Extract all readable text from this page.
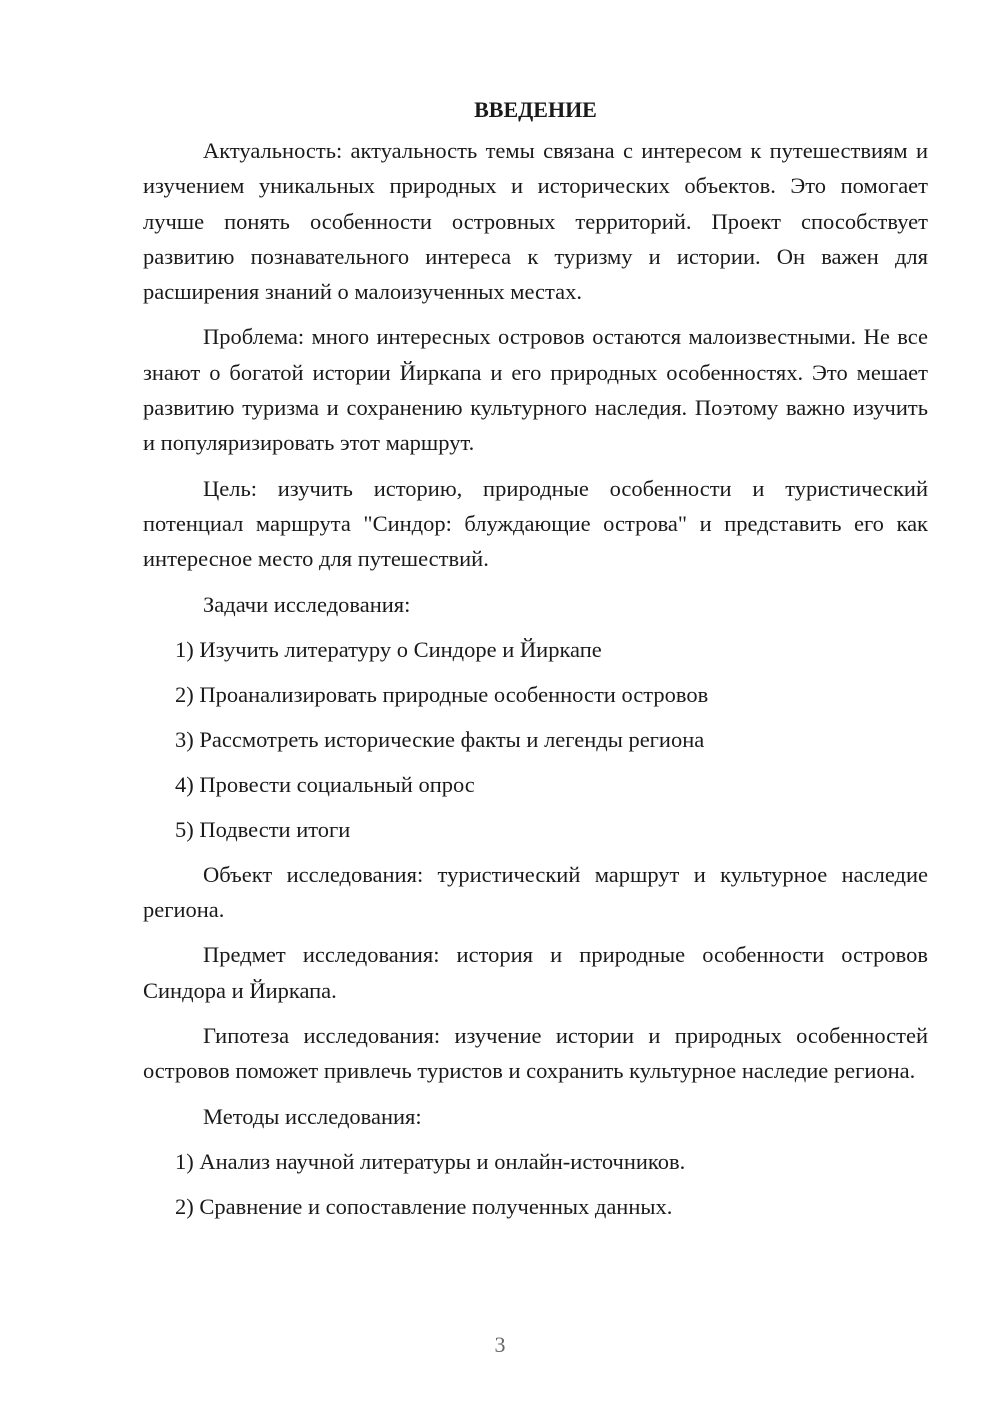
ВВЕДЕНИЕ

Актуальность: актуальность темы связана с интересом к путешествиям и изучением уникальных природных и исторических объектов. Это помогает лучше понять особенности островных территорий. Проект способствует развитию познавательного интереса к туризму и истории. Он важен для расширения знаний о малоизученных местах.

Проблема: много интересных островов остаются малоизвестными. Не все знают о богатой истории Йиркапа и его природных особенностях. Это мешает развитию туризма и сохранению культурного наследия. Поэтому важно изучить и популяризировать этот маршрут.

Цель: изучить историю, природные особенности и туристический потенциал маршрута "Синдор: блуждающие острова" и представить его как интересное место для путешествий.

Задачи исследования:

1) Изучить литературу о Синдоре и Йиркапе
2) Проанализировать природные особенности островов
3) Рассмотреть исторические факты и легенды региона
4) Провести социальный опрос
5) Подвести итоги

Объект исследования: туристический маршрут и культурное наследие региона.

Предмет исследования: история и природные особенности островов Синдора и Йиркапа.

Гипотеза исследования: изучение истории и природных особенностей островов поможет привлечь туристов и сохранить культурное наследие региона.

Методы исследования:

1) Анализ научной литературы и онлайн-источников.
2) Сравнение и сопоставление полученных данных.
3
